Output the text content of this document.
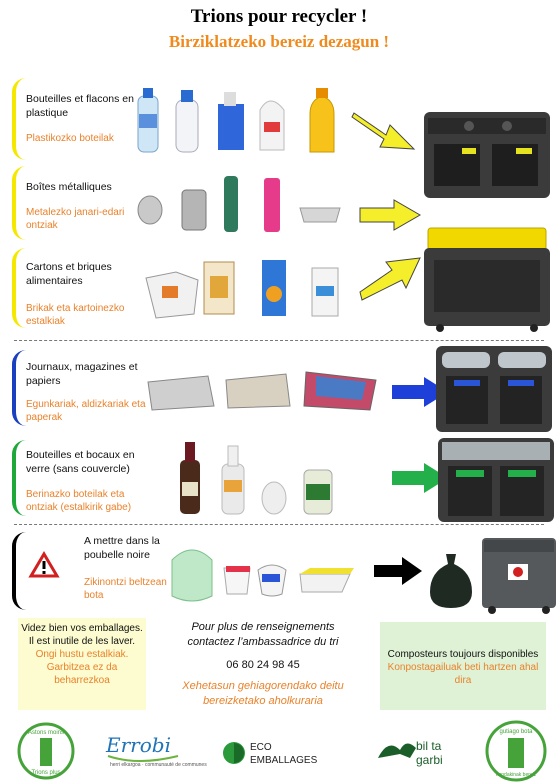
Trions pour recycler !
Birziklatzeko bereiz dezagun !
Bouteilles et flacons en plastique
Plastikozko boteilak
Boîtes métalliques
Metalezko janari-edari ontziak
Cartons et briques alimentaires
Brikak eta kartoinezko estalkiak
Journaux, magazines et papiers
Egunkariak, aldizkariak eta paperak
Bouteilles et bocaux en verre (sans couvercle)
Berinazko boteilak eta ontziak (estalkirik gabe)
A mettre dans la poubelle noire
Zikinontzi beltzean bota
Videz bien vos emballages.
Il est inutile de les laver.
Ongi hustu estalkiak.
Garbitzea ez da beharrezkoa
Pour plus de renseignements
contactez l’ambassadrice du tri
06 80 24 98 45
Xehetasun gehiagorendako deitu
bereizketako aholkuraria
Composteurs toujours disponibles
Konpostagailuak beti hartzen ahal dira
Astons moins
Trions plus
Errobi
herri elkargoa · communauté de communes
ECO
EMBALLAGES
bil ta
garbi
gutiago bota
hondakinak bereiz
